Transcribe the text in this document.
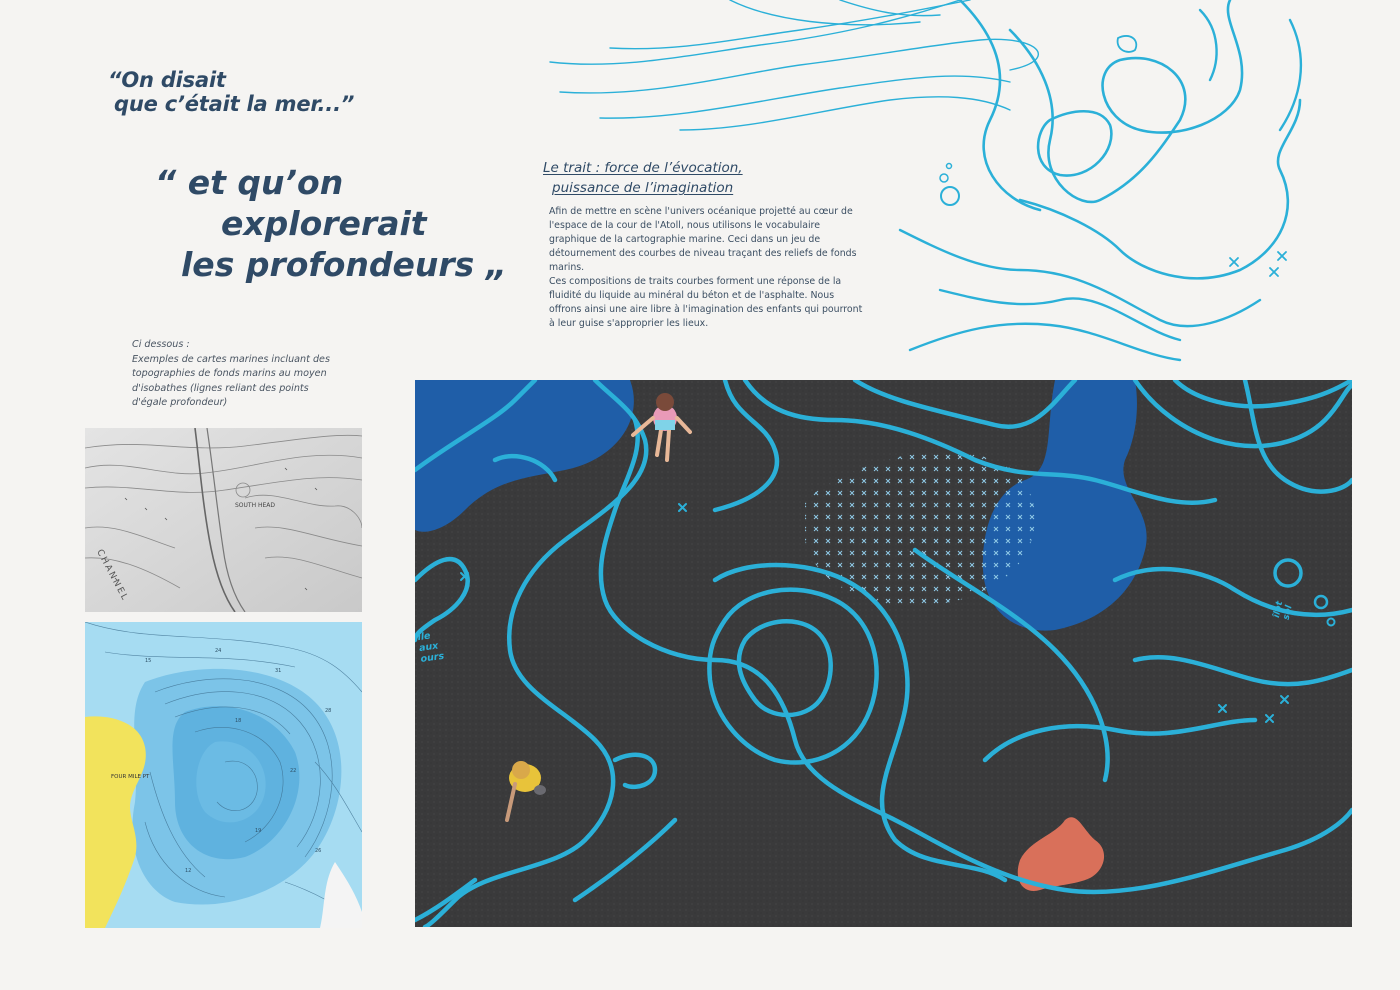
“On disait
que c’était la mer...”
“ et qu’on
explorerait
les profondeurs „
Le trait : force de l’évocation,
puissance de l’imagination

Afin de mettre en scène l'univers océanique projetté au cœur de l'espace de la cour de l'Atoll, nous utilisons le vocabulaire graphique de la cartographie marine. Ceci dans un jeu de détournement des courbes de niveau traçant des reliefs de fonds marins.

Ces compositions de traits courbes forment une réponse de la fluidité du liquide au minéral du béton et de l'asphalte. Nous offrons ainsi une aire libre à l'imagination des enfants qui pourront à leur guise s'approprier les lieux.

Ci dessous :
Exemples de cartes marines incluant des
topographies de fonds marins au moyen
d'isobathes (lignes reliant des points
d'égale profondeur)
CHANNEL
SOUTH HEAD
24
31
28
18
22
19
12
26
15
FOUR MILE PT
île aux ours
îlot sol
